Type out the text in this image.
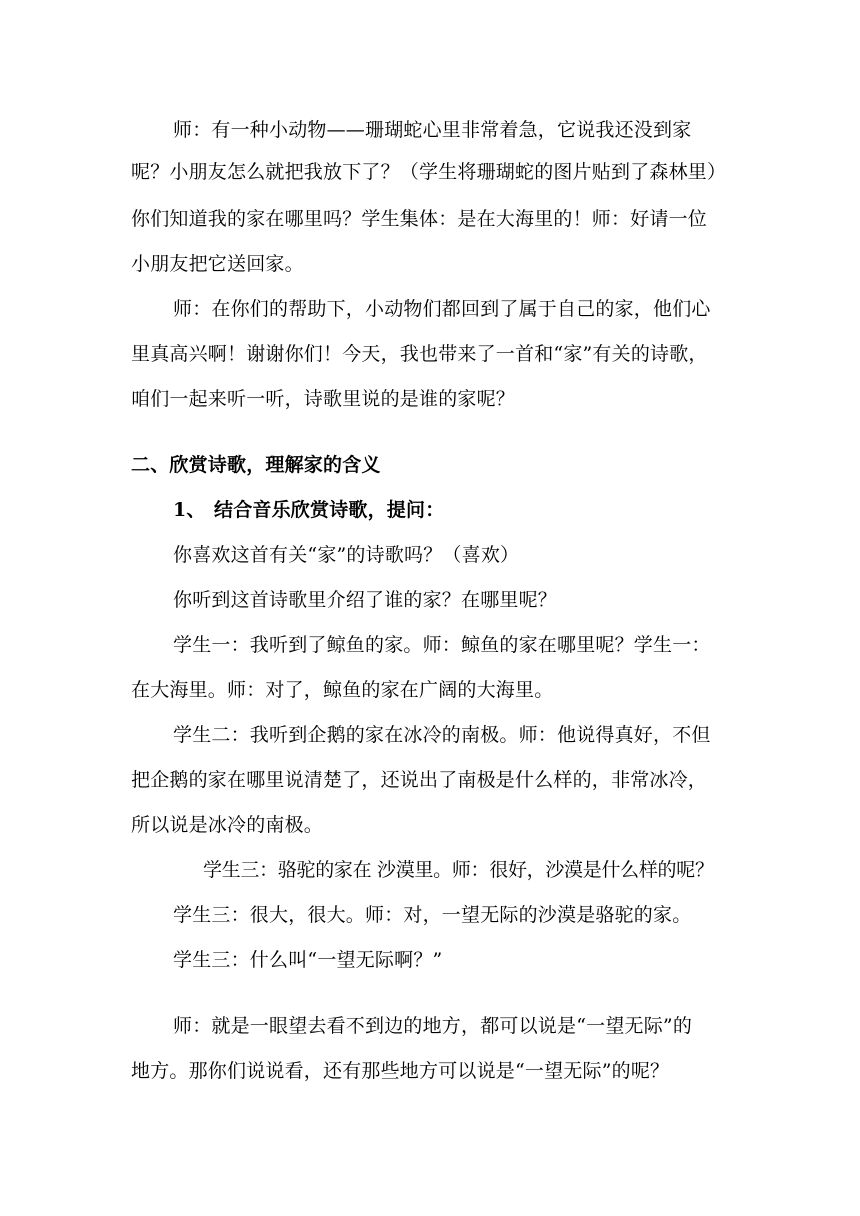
师：有一种小动物——珊瑚蛇心里非常着急，它说我还没到家
呢？小朋友怎么就把我放下了？（学生将珊瑚蛇的图片贴到了森林里）
你们知道我的家在哪里吗？学生集体：是在大海里的！师：好请一位
小朋友把它送回家。
师：在你们的帮助下，小动物们都回到了属于自己的家，他们心
里真高兴啊！谢谢你们！今天，我也带来了一首和“家”有关的诗歌，
咱们一起来听一听，诗歌里说的是谁的家呢？
二、欣赏诗歌，理解家的含义
1、 结合音乐欣赏诗歌，提问：
你喜欢这首有关“家”的诗歌吗？（喜欢）
你听到这首诗歌里介绍了谁的家？在哪里呢？
学生一：我听到了鲸鱼的家。师：鲸鱼的家在哪里呢？学生一：
在大海里。师：对了，鲸鱼的家在广阔的大海里。
学生二：我听到企鹅的家在冰冷的南极。师：他说得真好，不但
把企鹅的家在哪里说清楚了，还说出了南极是什么样的，非常冰冷，
所以说是冰冷的南极。
学生三：骆驼的家在 沙漠里。师：很好，沙漠是什么样的呢？
学生三：很大，很大。师：对，一望无际的沙漠是骆驼的家。
学生三：什么叫“一望无际啊？”
师：就是一眼望去看不到边的地方，都可以说是“一望无际”的
地方。那你们说说看，还有那些地方可以说是“一望无际”的呢？
